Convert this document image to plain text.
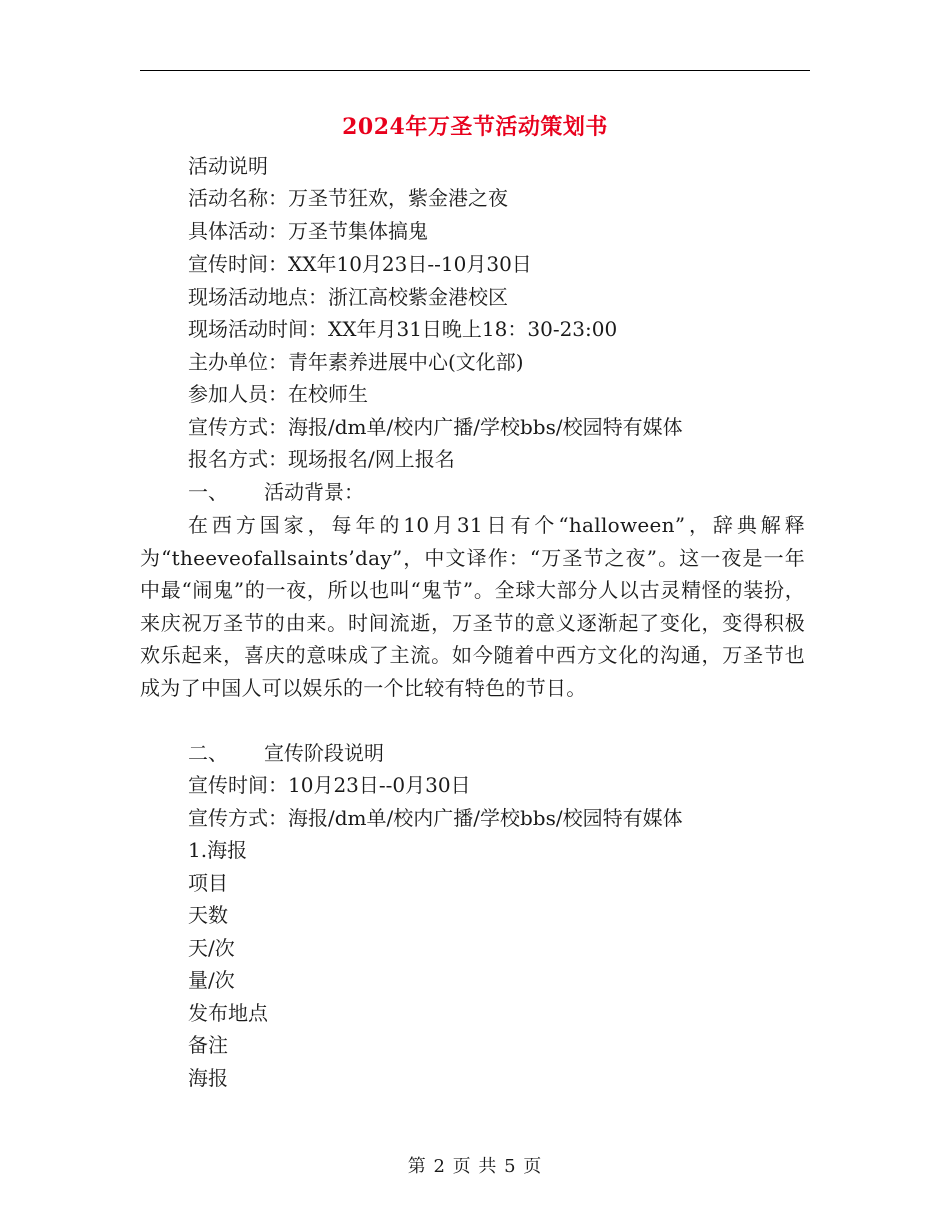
2024年万圣节活动策划书
活动说明
活动名称：万圣节狂欢，紫金港之夜
具体活动：万圣节集体搞鬼
宣传时间：XX年10月23日--10月30日
现场活动地点：浙江高校紫金港校区
现场活动时间：XX年月31日晚上18：30-23:00
主办单位：青年素养进展中心(文化部)
参加人员：在校师生
宣传方式：海报/dm单/校内广播/学校bbs/校园特有媒体
报名方式：现场报名/网上报名
一、 活动背景：
在西方国家，每年的10月31日有个“halloween”，辞典解释为“theeveofallsaints’day”，中文译作：“万圣节之夜”。这一夜是一年中最“闹鬼”的一夜，所以也叫“鬼节”。全球大部分人以古灵精怪的装扮，来庆祝万圣节的由来。时间流逝，万圣节的意义逐渐起了变化，变得积极欢乐起来，喜庆的意味成了主流。如今随着中西方文化的沟通，万圣节也成为了中国人可以娱乐的一个比较有特色的节日。
二、 宣传阶段说明
宣传时间：10月23日--0月30日
宣传方式：海报/dm单/校内广播/学校bbs/校园特有媒体
1.海报
项目
天数
天/次
量/次
发布地点
备注
海报
第 2 页 共 5 页
